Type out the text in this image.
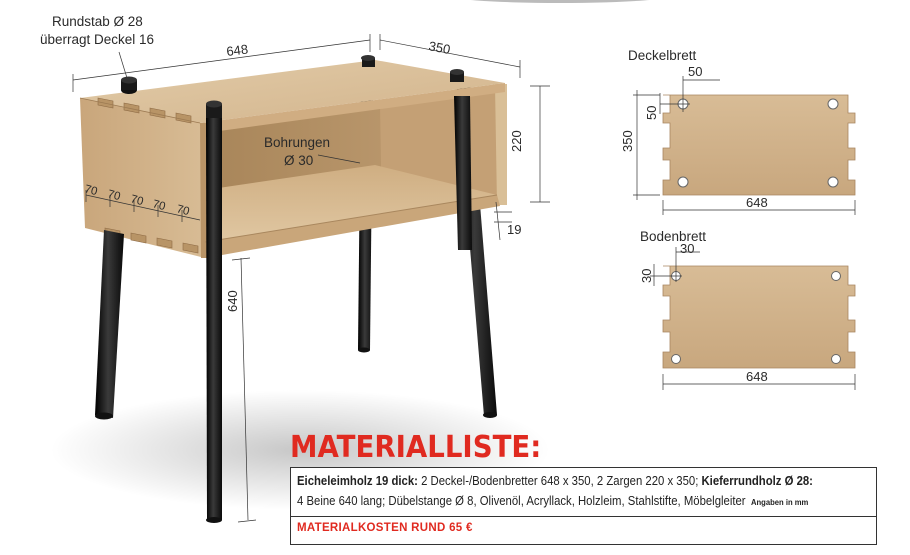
Rundstab Ø 28
überragt Deckel 16
648	350
220
19
640
Bohrungen
Ø 30
70 70 70 70 70
Deckelbrett
50
50
350
648
Bodenbrett
30
30
648
MATERIALLISTE:
Eicheleimholz 19 dick: 2 Deckel-/Bodenbretter 648 x 350, 2 Zargen 220 x 350; Kieferrundholz Ø 28:
4 Beine 640 lang; Dübelstange Ø 8, Olivenöl, Acryllack, Holzleim, Stahlstifte, Möbelgleiter Angaben in mm
MATERIALKOSTEN RUND 65 €
